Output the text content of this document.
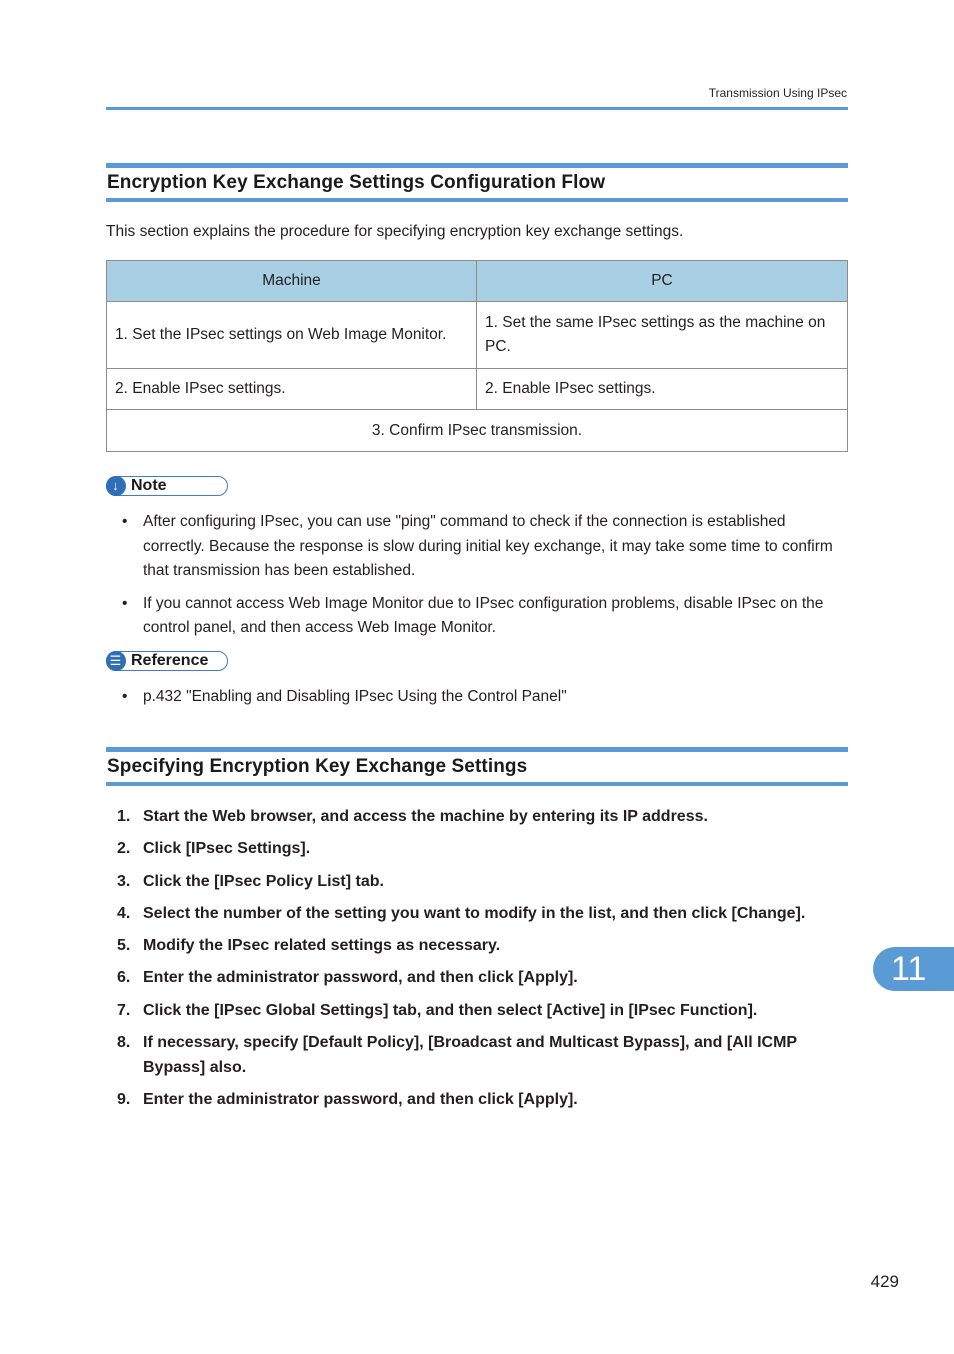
Transmission Using IPsec
Encryption Key Exchange Settings Configuration Flow

This section explains the procedure for specifying encryption key exchange settings.

Machine	PC
1. Set the IPsec settings on Web Image Monitor.	1. Set the same IPsec settings as the machine on PC.
2. Enable IPsec settings.	2. Enable IPsec settings.
3. Confirm IPsec transmission.	
↓ Note
• After configuring IPsec, you can use "ping" command to check if the connection is established correctly. Because the response is slow during initial key exchange, it may take some time to confirm that transmission has been established.
• If you cannot access Web Image Monitor due to IPsec configuration problems, disable IPsec on the control panel, and then access Web Image Monitor.
☰ Reference
• p.432 "Enabling and Disabling IPsec Using the Control Panel"
Specifying Encryption Key Exchange Settings
1. Start the Web browser, and access the machine by entering its IP address.
2. Click [IPsec Settings].
3. Click the [IPsec Policy List] tab.
4. Select the number of the setting you want to modify in the list, and then click [Change].
5. Modify the IPsec related settings as necessary.
6. Enter the administrator password, and then click [Apply].
7. Click the [IPsec Global Settings] tab, and then select [Active] in [IPsec Function].
8. If necessary, specify [Default Policy], [Broadcast and Multicast Bypass], and [All ICMP Bypass] also.
9. Enter the administrator password, and then click [Apply].
11
429
